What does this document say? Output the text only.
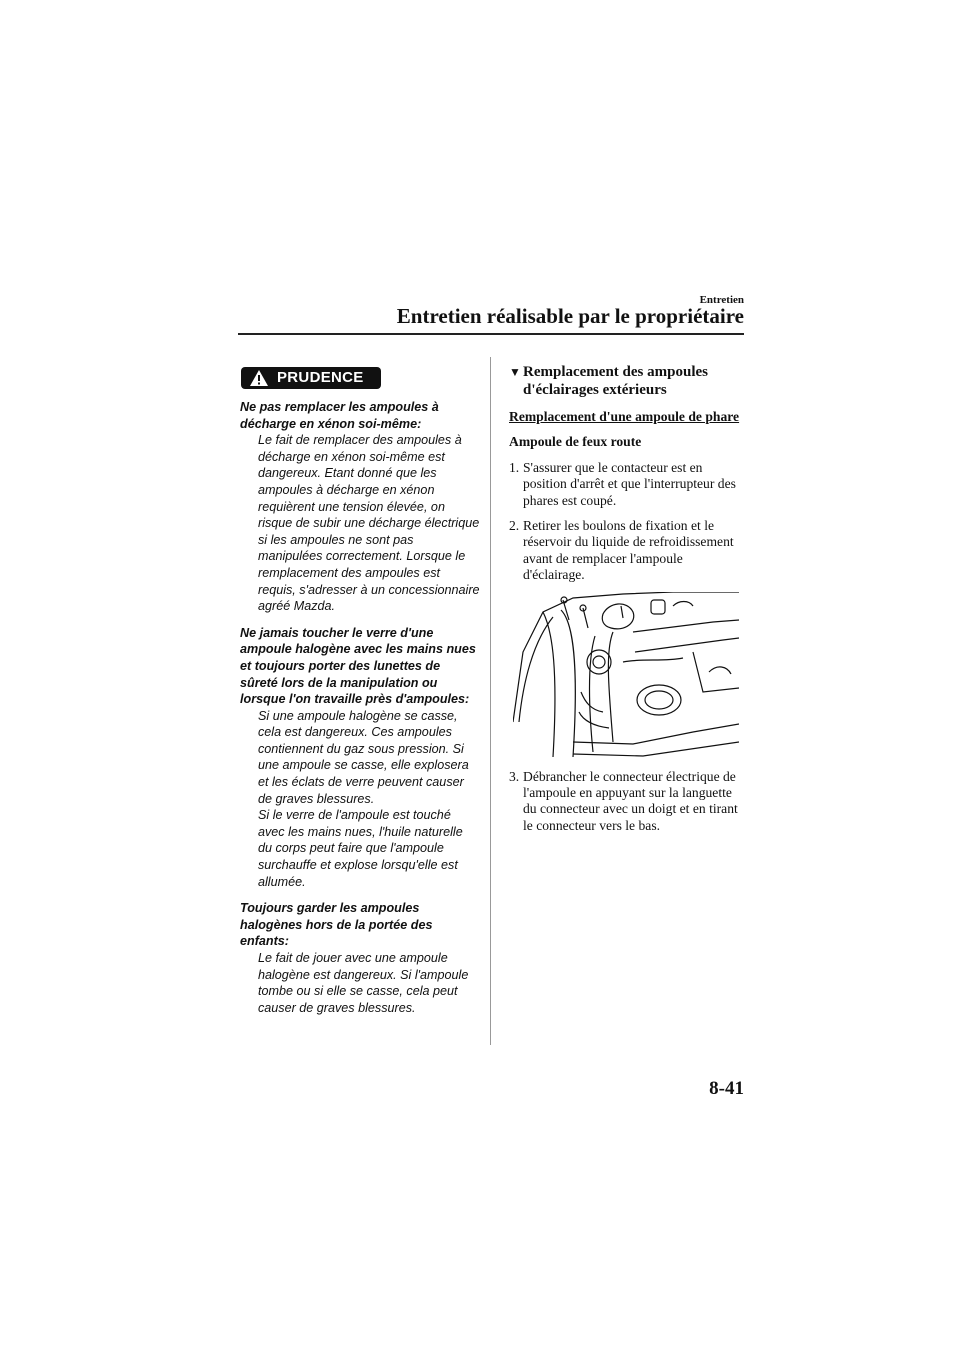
Entretien
Entretien réalisable par le propriétaire
PRUDENCE
Ne pas remplacer les ampoules à décharge en xénon soi-même:

Le fait de remplacer des ampoules à décharge en xénon soi-même est dangereux. Etant donné que les ampoules à décharge en xénon requièrent une tension élevée, on risque de subir une décharge électrique si les ampoules ne sont pas manipulées correctement. Lorsque le remplacement des ampoules est requis, s'adresser à un concessionnaire agréé Mazda.

Ne jamais toucher le verre d'une ampoule halogène avec les mains nues et toujours porter des lunettes de sûreté lors de la manipulation ou lorsque l'on travaille près d'ampoules:

Si une ampoule halogène se casse, cela est dangereux. Ces ampoules contiennent du gaz sous pression. Si une ampoule se casse, elle explosera et les éclats de verre peuvent causer de graves blessures.

Si le verre de l'ampoule est touché avec les mains nues, l'huile naturelle du corps peut faire que l'ampoule surchauffe et explose lorsqu'elle est allumée.

Toujours garder les ampoules halogènes hors de la portée des enfants:

Le fait de jouer avec une ampoule halogène est dangereux. Si l'ampoule tombe ou si elle se casse, cela peut causer de graves blessures.

▼ Remplacement des ampoules d'éclairages extérieurs
Remplacement d'une ampoule de phare
Ampoule de feux route
1. S'assurer que le contacteur est en position d'arrêt et que l'interrupteur des phares est coupé.
2. Retirer les boulons de fixation et le réservoir du liquide de refroidissement avant de remplacer l'ampoule d'éclairage.
3. Débrancher le connecteur électrique de l'ampoule en appuyant sur la languette du connecteur avec un doigt et en tirant le connecteur vers le bas.
8-41
